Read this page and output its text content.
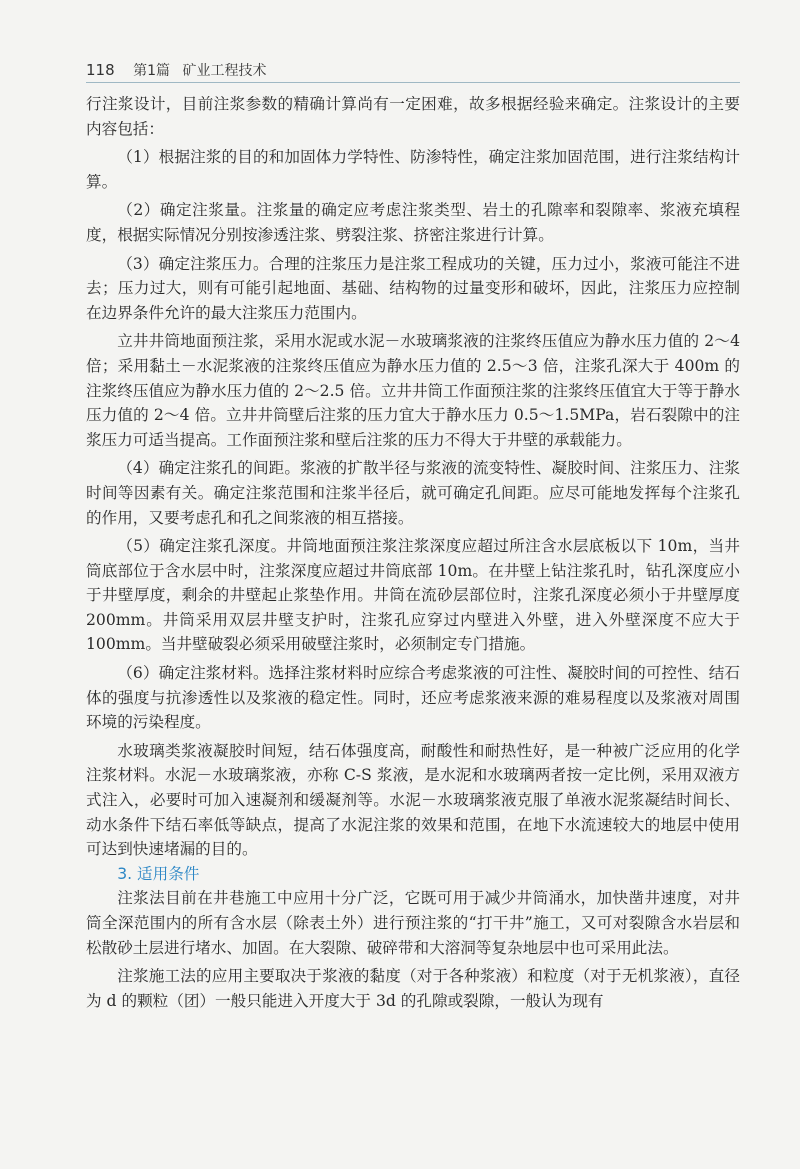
118 第1篇 矿业工程技术

行注浆设计，目前注浆参数的精确计算尚有一定困难，故多根据经验来确定。注浆设计的主要内容包括：

（1）根据注浆的目的和加固体力学特性、防渗特性，确定注浆加固范围，进行注浆结构计算。

（2）确定注浆量。注浆量的确定应考虑注浆类型、岩土的孔隙率和裂隙率、浆液充填程度，根据实际情况分别按渗透注浆、劈裂注浆、挤密注浆进行计算。

（3）确定注浆压力。合理的注浆压力是注浆工程成功的关键，压力过小，浆液可能注不进去；压力过大，则有可能引起地面、基础、结构物的过量变形和破坏，因此，注浆压力应控制在边界条件允许的最大注浆压力范围内。

立井井筒地面预注浆，采用水泥或水泥－水玻璃浆液的注浆终压值应为静水压力值的 2～4 倍；采用黏土－水泥浆液的注浆终压值应为静水压力值的 2.5～3 倍，注浆孔深大于 400m 的注浆终压值应为静水压力值的 2～2.5 倍。立井井筒工作面预注浆的注浆终压值宜大于等于静水压力值的 2～4 倍。立井井筒壁后注浆的压力宜大于静水压力 0.5～1.5MPa，岩石裂隙中的注浆压力可适当提高。工作面预注浆和壁后注浆的压力不得大于井壁的承载能力。

（4）确定注浆孔的间距。浆液的扩散半径与浆液的流变特性、凝胶时间、注浆压力、注浆时间等因素有关。确定注浆范围和注浆半径后，就可确定孔间距。应尽可能地发挥每个注浆孔的作用，又要考虑孔和孔之间浆液的相互搭接。

（5）确定注浆孔深度。井筒地面预注浆注浆深度应超过所注含水层底板以下 10m，当井筒底部位于含水层中时，注浆深度应超过井筒底部 10m。在井壁上钻注浆孔时，钻孔深度应小于井壁厚度，剩余的井壁起止浆垫作用。井筒在流砂层部位时，注浆孔深度必须小于井壁厚度 200mm。井筒采用双层井壁支护时，注浆孔应穿过内壁进入外壁，进入外壁深度不应大于 100mm。当井壁破裂必须采用破壁注浆时，必须制定专门措施。

（6）确定注浆材料。选择注浆材料时应综合考虑浆液的可注性、凝胶时间的可控性、结石体的强度与抗渗透性以及浆液的稳定性。同时，还应考虑浆液来源的难易程度以及浆液对周围环境的污染程度。

水玻璃类浆液凝胶时间短，结石体强度高，耐酸性和耐热性好，是一种被广泛应用的化学注浆材料。水泥－水玻璃浆液，亦称 C-S 浆液，是水泥和水玻璃两者按一定比例，采用双液方式注入，必要时可加入速凝剂和缓凝剂等。水泥－水玻璃浆液克服了单液水泥浆凝结时间长、动水条件下结石率低等缺点，提高了水泥注浆的效果和范围，在地下水流速较大的地层中使用可达到快速堵漏的目的。

3. 适用条件

注浆法目前在井巷施工中应用十分广泛，它既可用于减少井筒涌水，加快凿井速度，对井筒全深范围内的所有含水层（除表土外）进行预注浆的“打干井”施工，又可对裂隙含水岩层和松散砂土层进行堵水、加固。在大裂隙、破碎带和大溶洞等复杂地层中也可采用此法。

注浆施工法的应用主要取决于浆液的黏度（对于各种浆液）和粒度（对于无机浆液），直径为 d 的颗粒（团）一般只能进入开度大于 3d 的孔隙或裂隙，一般认为现有
